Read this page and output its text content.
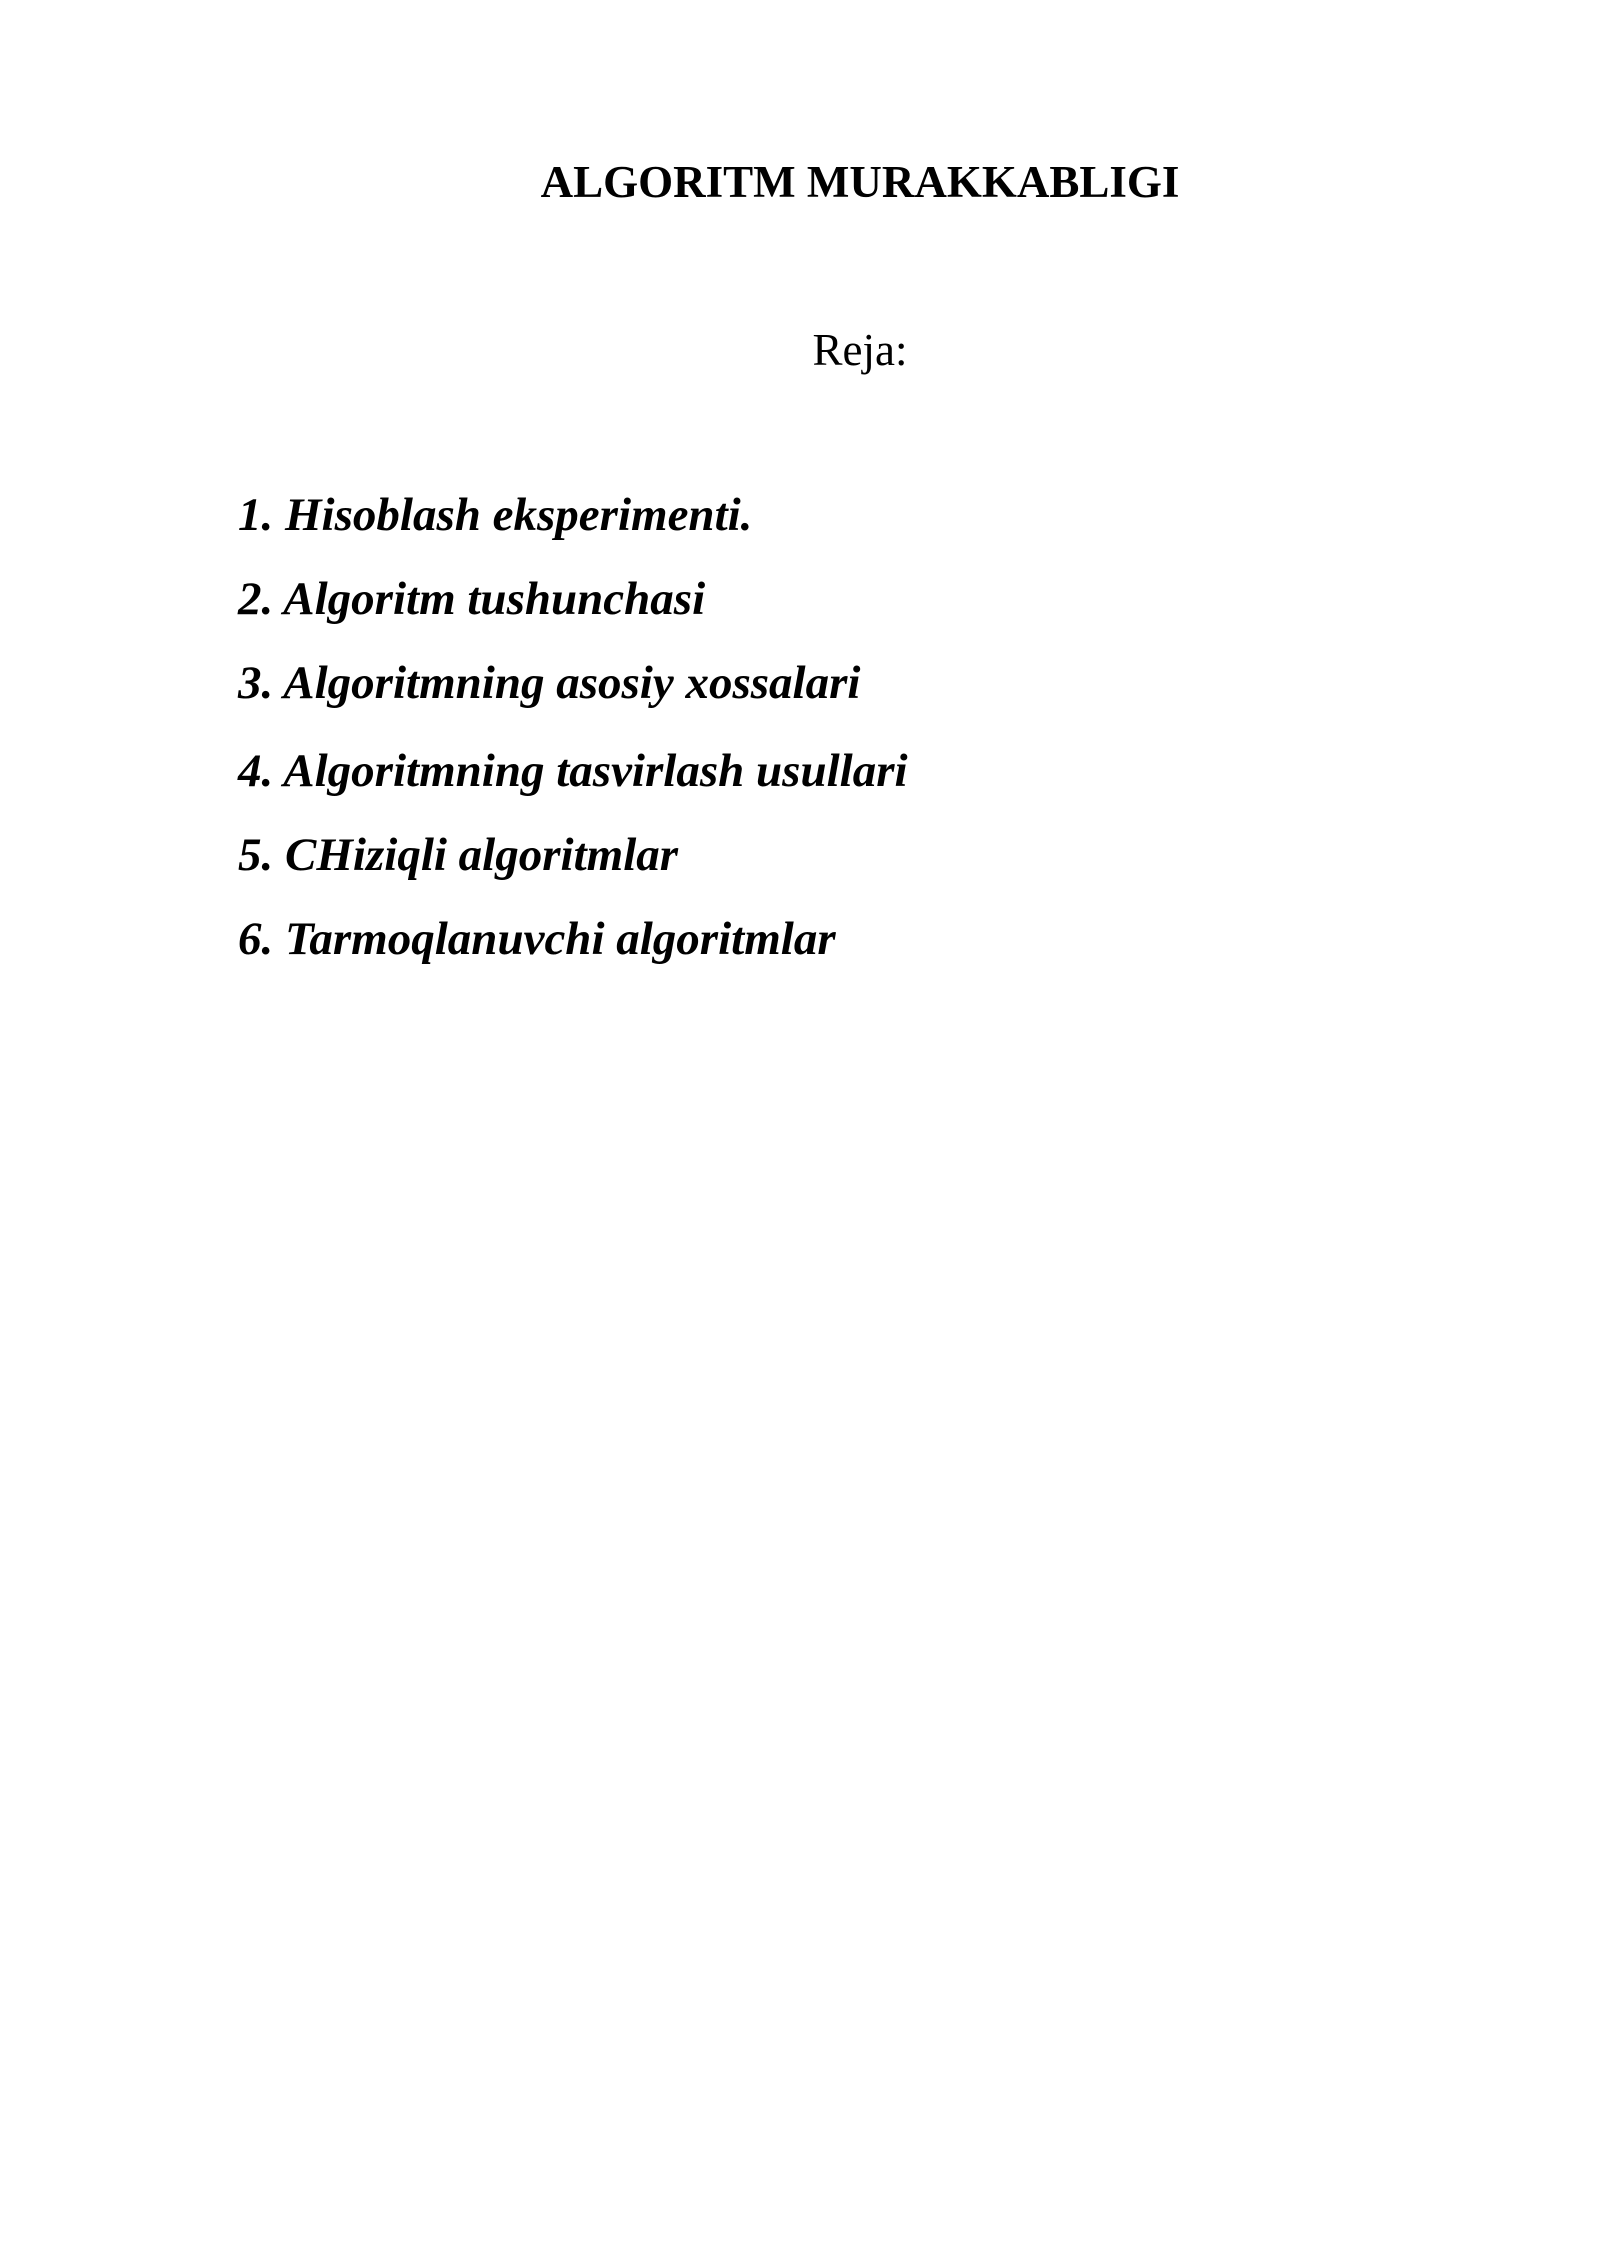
ALGORITM MURAKKABLIGI
Reja:
1. Hisoblash eksperimenti.
2. Algoritm tushunchasi
3. Algoritmning asosiy xossalari
4. Algoritmning tasvirlash usullari
5. CHiziqli algoritmlar
6. Tarmoqlanuvchi algoritmlar
